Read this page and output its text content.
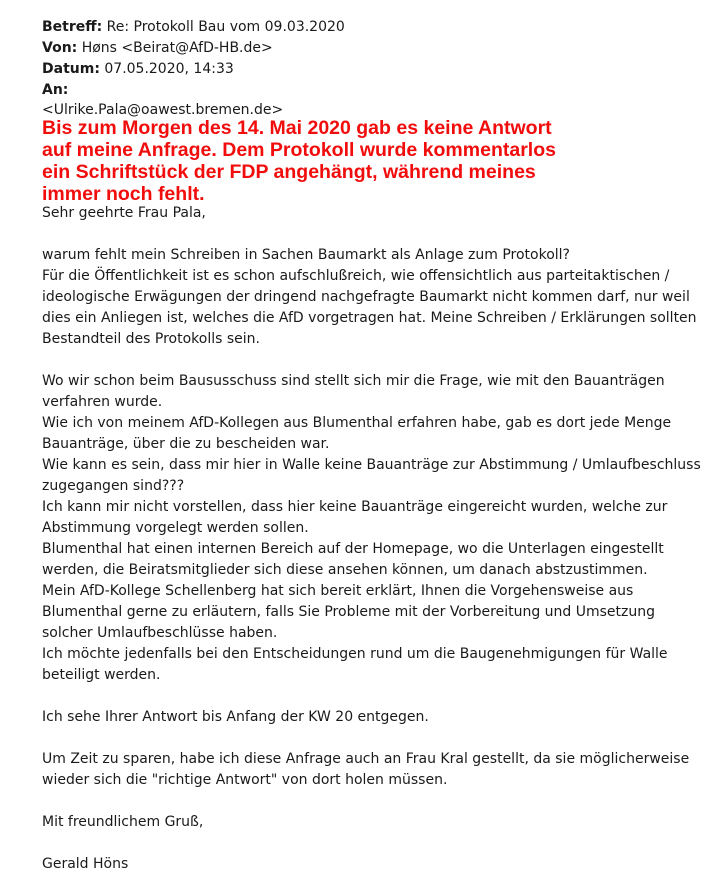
Betreff: Re: Protokoll Bau vom 09.03.2020
Von: Høns <Beirat@AfD-HB.de>
Datum: 07.05.2020, 14:33
An:
<Ulrike.Pala@oawest.bremen.de>
Bis zum Morgen des 14. Mai 2020 gab es keine Antwort
auf meine Anfrage. Dem Protokoll wurde kommentarlos
ein Schriftstück der FDP angehängt, während meines
immer noch fehlt.
Sehr geehrte Frau Pala,
warum fehlt mein Schreiben in Sachen Baumarkt als Anlage zum Protokoll?
Für die Öffentlichkeit ist es schon aufschlußreich, wie offensichtlich aus parteitaktischen /
ideologische Erwägungen der dringend nachgefragte Baumarkt nicht kommen darf, nur weil
dies ein Anliegen ist, welches die AfD vorgetragen hat. Meine Schreiben / Erklärungen sollten
Bestandteil des Protokolls sein.
Wo wir schon beim Baususschuss sind stellt sich mir die Frage, wie mit den Bauanträgen
verfahren wurde.
Wie ich von meinem AfD-Kollegen aus Blumenthal erfahren habe, gab es dort jede Menge
Bauanträge, über die zu bescheiden war.
Wie kann es sein, dass mir hier in Walle keine Bauanträge zur Abstimmung / Umlaufbeschluss
zugegangen sind???
Ich kann mir nicht vorstellen, dass hier keine Bauanträge eingereicht wurden, welche zur
Abstimmung vorgelegt werden sollen.
Blumenthal hat einen internen Bereich auf der Homepage, wo die Unterlagen eingestellt
werden, die Beiratsmitglieder sich diese ansehen können, um danach abstzustimmen.
Mein AfD-Kollege Schellenberg hat sich bereit erklärt, Ihnen die Vorgehensweise aus
Blumenthal gerne zu erläutern, falls Sie Probleme mit der Vorbereitung und Umsetzung
solcher Umlaufbeschlüsse haben.
Ich möchte jedenfalls bei den Entscheidungen rund um die Baugenehmigungen für Walle
beteiligt werden.
Ich sehe Ihrer Antwort bis Anfang der KW 20 entgegen.
Um Zeit zu sparen, habe ich diese Anfrage auch an Frau Kral gestellt, da sie möglicherweise
wieder sich die "richtige Antwort" von dort holen müssen.
Mit freundlichem Gruß,
Gerald Höns
